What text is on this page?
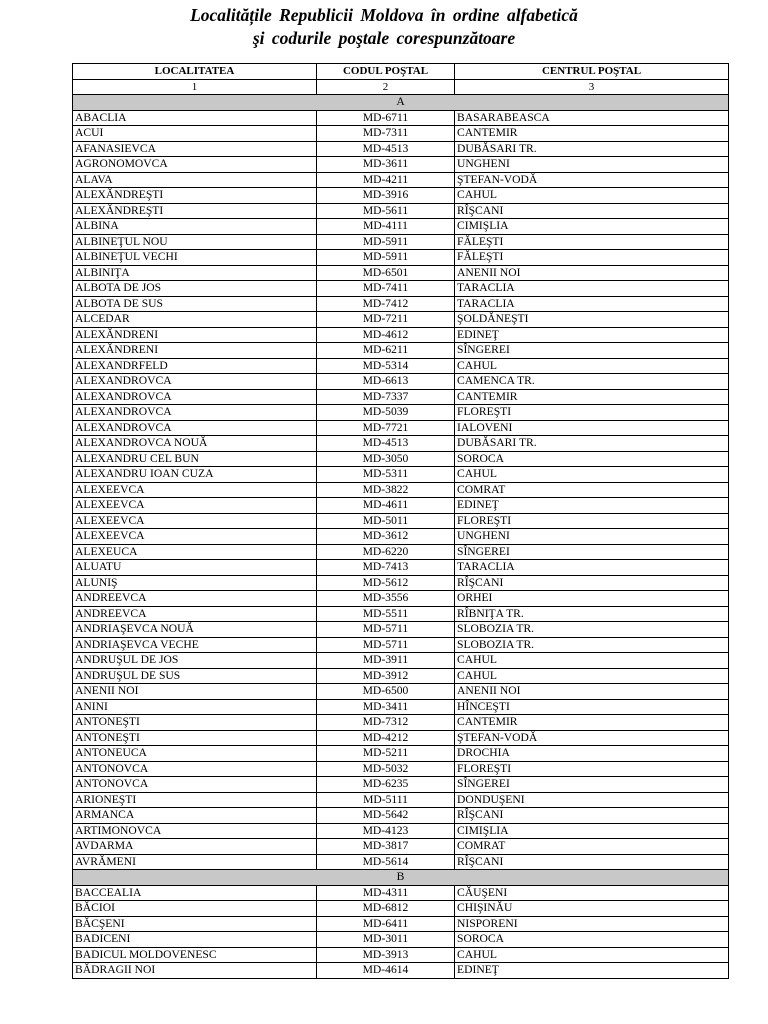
Localitățile Republicii Moldova în ordine alfabetică
şi codurile poştale corespunzătoare
LOCALITATEA	CODUL POŞTAL	CENTRUL POŞTAL
1	2	3
A		
ABACLIA	MD-6711	BASARABEASCA
ACUI	MD-7311	CANTEMIR
AFANASIEVCA	MD-4513	DUBĂSARI TR.
AGRONOMOVCA	MD-3611	UNGHENI
ALAVA	MD-4211	ŞTEFAN-VODĂ
ALEXĂNDREŞTI	MD-3916	CAHUL
ALEXĂNDREŞTI	MD-5611	RÎŞCANI
ALBINA	MD-4111	CIMIŞLIA
ALBINEŢUL NOU	MD-5911	FĂLEŞTI
ALBINEŢUL VECHI	MD-5911	FĂLEŞTI
ALBINIŢA	MD-6501	ANENII NOI
ALBOTA DE JOS	MD-7411	TARACLIA
ALBOTA DE SUS	MD-7412	TARACLIA
ALCEDAR	MD-7211	ŞOLDĂNEŞTI
ALEXĂNDRENI	MD-4612	EDINEŢ
ALEXĂNDRENI	MD-6211	SÎNGEREI
ALEXANDRFELD	MD-5314	CAHUL
ALEXANDROVCA	MD-6613	CAMENCA TR.
ALEXANDROVCA	MD-7337	CANTEMIR
ALEXANDROVCA	MD-5039	FLOREŞTI
ALEXANDROVCA	MD-7721	IALOVENI
ALEXANDROVCA NOUĂ	MD-4513	DUBĂSARI TR.
ALEXANDRU CEL BUN	MD-3050	SOROCA
ALEXANDRU IOAN CUZA	MD-5311	CAHUL
ALEXEEVCA	MD-3822	COMRAT
ALEXEEVCA	MD-4611	EDINEŢ
ALEXEEVCA	MD-5011	FLOREŞTI
ALEXEEVCA	MD-3612	UNGHENI
ALEXEUCA	MD-6220	SÎNGEREI
ALUATU	MD-7413	TARACLIA
ALUNIŞ	MD-5612	RÎŞCANI
ANDREEVCA	MD-3556	ORHEI
ANDREEVCA	MD-5511	RÎBNIŢA TR.
ANDRIAŞEVCA NOUĂ	MD-5711	SLOBOZIA TR.
ANDRIAŞEVCA VECHE	MD-5711	SLOBOZIA TR.
ANDRUŞUL DE JOS	MD-3911	CAHUL
ANDRUŞUL DE SUS	MD-3912	CAHUL
ANENII NOI	MD-6500	ANENII NOI
ANINI	MD-3411	HÎNCEŞTI
ANTONEŞTI	MD-7312	CANTEMIR
ANTONEŞTI	MD-4212	ŞTEFAN-VODĂ
ANTONEUCA	MD-5211	DROCHIA
ANTONOVCA	MD-5032	FLOREŞTI
ANTONOVCA	MD-6235	SÎNGEREI
ARIONEŞTI	MD-5111	DONDUŞENI
ARMANCA	MD-5642	RÎŞCANI
ARTIMONOVCA	MD-4123	CIMIŞLIA
AVDARMA	MD-3817	COMRAT
AVRĂMENI	MD-5614	RÎŞCANI
B		
BACCEALIA	MD-4311	CĂUŞENI
BĂCIOI	MD-6812	CHIŞINĂU
BĂCŞENI	MD-6411	NISPORENI
BADICENI	MD-3011	SOROCA
BADICUL MOLDOVENESC	MD-3913	CAHUL
BĂDRAGII NOI	MD-4614	EDINEŢ
